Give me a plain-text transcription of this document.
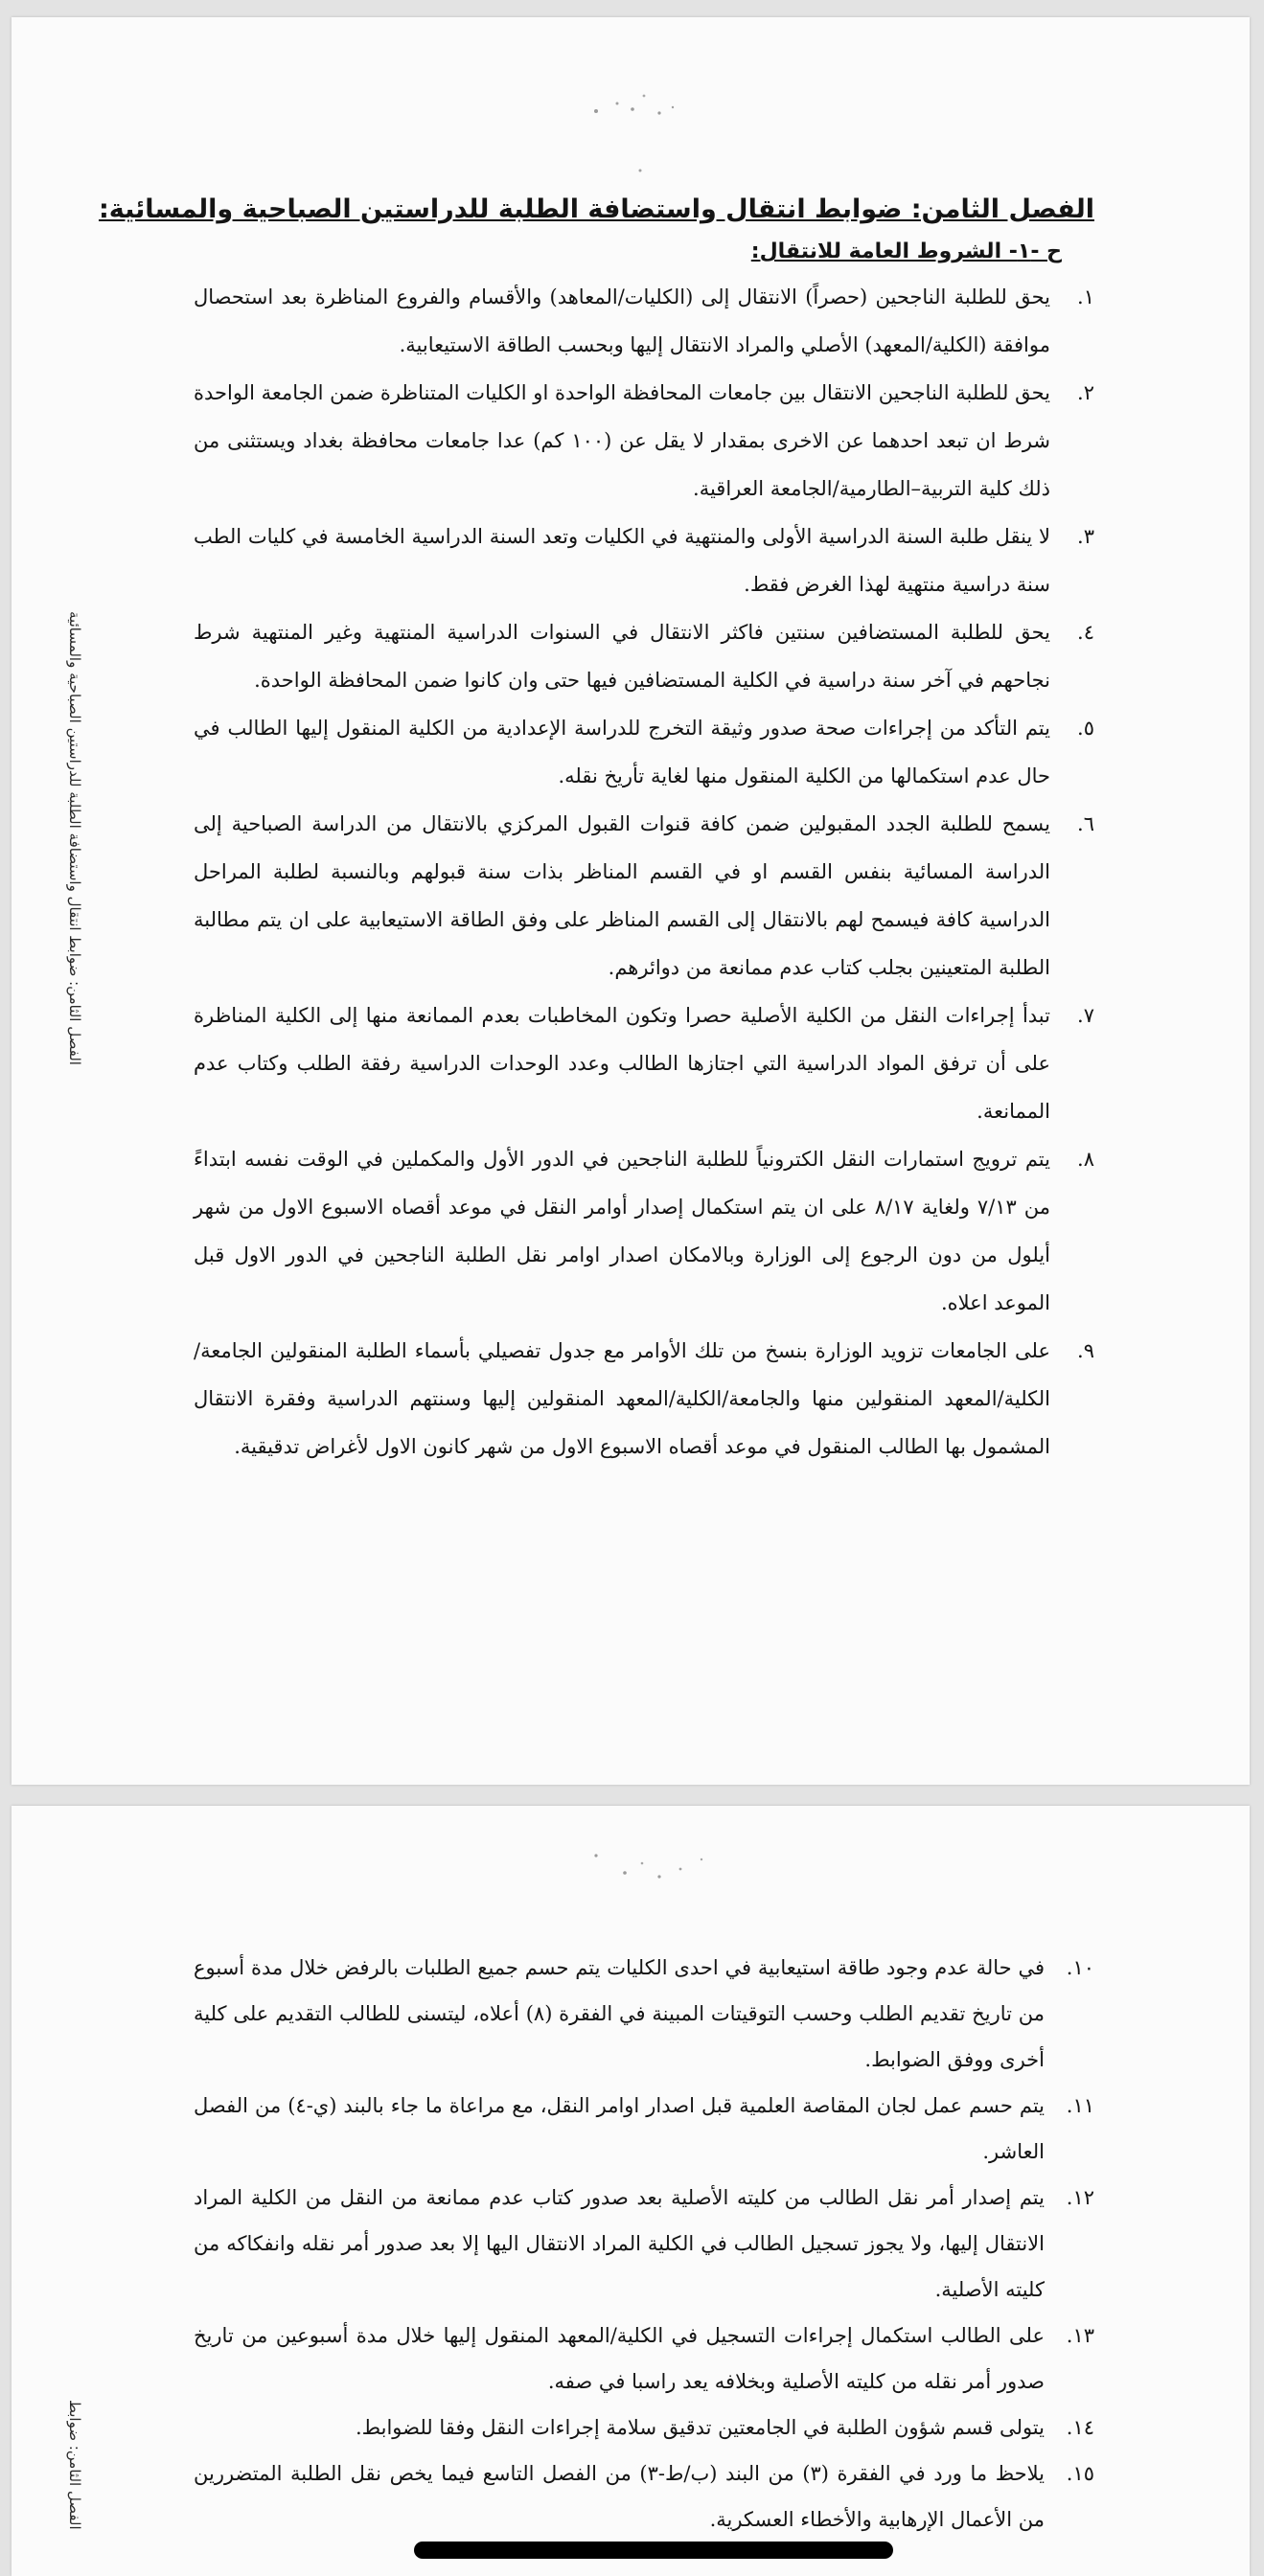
الفصل الثامن: ضوابط انتقال واستضافة الطلبة للدراستين الصباحية والمسائية:
ح -١- الشروط العامة للانتقال:
١.
يحق للطلبة الناجحين (حصراً) الانتقال إلى (الكليات/المعاهد) والأقسام والفروع المناظرة بعد استحصال موافقة (الكلية/المعهد) الأصلي والمراد الانتقال إليها وبحسب الطاقة الاستيعابية.
٢.
يحق للطلبة الناجحين الانتقال بين جامعات المحافظة الواحدة او الكليات المتناظرة ضمن الجامعة الواحدة شرط ان تبعد احدهما عن الاخرى بمقدار لا يقل عن (١٠٠ كم) عدا جامعات محافظة بغداد ويستثنى من ذلك كلية التربية–الطارمية/الجامعة العراقية.
٣.
لا ينقل طلبة السنة الدراسية الأولى والمنتهية في الكليات وتعد السنة الدراسية الخامسة في كليات الطب سنة دراسية منتهية لهذا الغرض فقط.
٤.
يحق للطلبة المستضافين سنتين فاكثر الانتقال في السنوات الدراسية المنتهية وغير المنتهية شرط نجاحهم في آخر سنة دراسية في الكلية المستضافين فيها حتى وان كانوا ضمن المحافظة الواحدة.
٥.
يتم التأكد من إجراءات صحة صدور وثيقة التخرج للدراسة الإعدادية من الكلية المنقول إليها الطالب في حال عدم استكمالها من الكلية المنقول منها لغاية تأريخ نقله.
٦.
يسمح للطلبة الجدد المقبولين ضمن كافة قنوات القبول المركزي بالانتقال من الدراسة الصباحية إلى الدراسة المسائية بنفس القسم او في القسم المناظر بذات سنة قبولهم وبالنسبة لطلبة المراحل الدراسية كافة فيسمح لهم بالانتقال إلى القسم المناظر على وفق الطاقة الاستيعابية على ان يتم مطالبة الطلبة المتعينين بجلب كتاب عدم ممانعة من دوائرهم.
٧.
تبدأ إجراءات النقل من الكلية الأصلية حصرا وتكون المخاطبات بعدم الممانعة منها إلى الكلية المناظرة على أن ترفق المواد الدراسية التي اجتازها الطالب وعدد الوحدات الدراسية رفقة الطلب وكتاب عدم الممانعة.
٨.
يتم ترويج استمارات النقل الكترونياً للطلبة الناجحين في الدور الأول والمكملين في الوقت نفسه ابتداءً من ٧/١٣ ولغاية ٨/١٧ على ان يتم استكمال إصدار أوامر النقل في موعد أقصاه الاسبوع الاول من شهر أيلول من دون الرجوع إلى الوزارة وبالامكان اصدار اوامر نقل الطلبة الناجحين في الدور الاول قبل الموعد اعلاه.
٩.
على الجامعات تزويد الوزارة بنسخ من تلك الأوامر مع جدول تفصيلي بأسماء الطلبة المنقولين الجامعة/الكلية/المعهد المنقولين منها والجامعة/الكلية/المعهد المنقولين إليها وسنتهم الدراسية وفقرة الانتقال المشمول بها الطالب المنقول في موعد أقصاه الاسبوع الاول من شهر كانون الاول لأغراض تدقيقية.
الفصل الثامن: ضوابط انتقال واستضافة الطلبة للدراستين الصباحية والمسائية
١٠.
في حالة عدم وجود طاقة استيعابية في احدى الكليات يتم حسم جميع الطلبات بالرفض خلال مدة أسبوع من تاريخ تقديم الطلب وحسب التوقيتات المبينة في الفقرة (٨) أعلاه، ليتسنى للطالب التقديم على كلية أخرى ووفق الضوابط.
١١.
يتم حسم عمل لجان المقاصة العلمية قبل اصدار اوامر النقل، مع مراعاة ما جاء بالبند (ي-٤) من الفصل العاشر.
١٢.
يتم إصدار أمر نقل الطالب من كليته الأصلية بعد صدور كتاب عدم ممانعة من النقل من الكلية المراد الانتقال إليها، ولا يجوز تسجيل الطالب في الكلية المراد الانتقال اليها إلا بعد صدور أمر نقله وانفكاكه من كليته الأصلية.
١٣.
على الطالب استكمال إجراءات التسجيل في الكلية/المعهد المنقول إليها خلال مدة أسبوعين من تاريخ صدور أمر نقله من كليته الأصلية وبخلافه يعد راسبا في صفه.
١٤.
يتولى قسم شؤون الطلبة في الجامعتين تدقيق سلامة إجراءات النقل وفقا للضوابط.
١٥.
يلاحظ ما ورد في الفقرة (٣) من البند (ب/ط-٣) من الفصل التاسع فيما يخص نقل الطلبة المتضررين من الأعمال الإرهابية والأخطاء العسكرية.
الفصل الثامن: ضوابط
